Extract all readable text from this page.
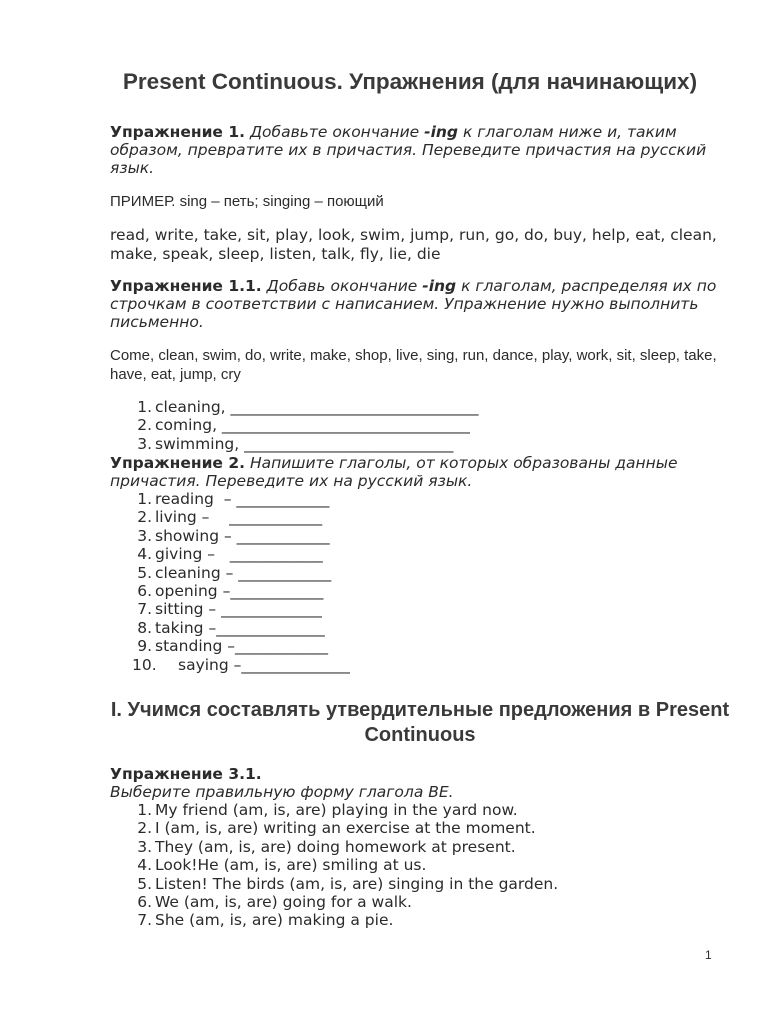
Present Continuous. Упражнения (для начинающих)
Упражнение 1. Добавьте окончание -ing к глаголам ниже и, таким образом, превратите их в причастия. Переведите причастия на русский язык.
ПРИМЕР. sing – петь; singing – поющий
read, write, take, sit, play, look, swim, jump, run, go, do, buy, help, eat, clean, make, speak, sleep, listen, talk, fly, lie, die
Упражнение 1.1. Добавь окончание -ing к глаголам, распределяя их по строчкам в соответствии с написанием. Упражнение нужно выполнить письменно.
Come, clean, swim, do, write, make, shop, live, sing, run, dance, play, work, sit, sleep, take, have, eat, jump, cry
1. cleaning, ________________________________
2. coming, ________________________________
3. swimming, ___________________________
Упражнение 2. Напишите глаголы, от которых образованы данные причастия. Переведите их на русский язык.
1. reading  – ____________
2. living –    ____________
3. showing – ____________
4. giving –   ____________
5. cleaning – ____________
6. opening –____________
7. sitting – _____________
8. taking –______________
9. standing –____________
10.	saying –______________
I. Учимся составлять утвердительные предложения в Present Continuous
Упражнение 3.1.
Выберите правильную форму глагола BE.
1. My friend (am, is, are) playing in the yard now.
2. I (am, is, are) writing an exercise at the moment.
3. They (am, is, are) doing homework at present.
4. Look!He (am, is, are) smiling at us.
5. Listen! The birds (am, is, are) singing in the garden.
6. We (am, is, are) going for a walk.
7. She (am, is, are) making a pie.
1
